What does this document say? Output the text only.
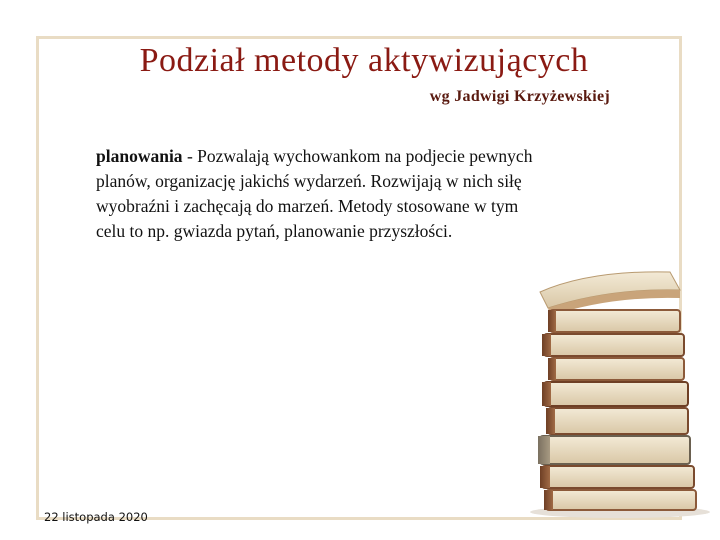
Podział metody aktywizujących

wg Jadwigi Krzyżewskiej

planowania - Pozwalają wychowankom na podjecie pewnych planów, organizację jakichś wydarzeń. Rozwijają w nich siłę wyobraźni i zachęcają do marzeń. Metody stosowane w tym celu to np. gwiazda pytań, planowanie przyszłości.

22 listopada 2020
